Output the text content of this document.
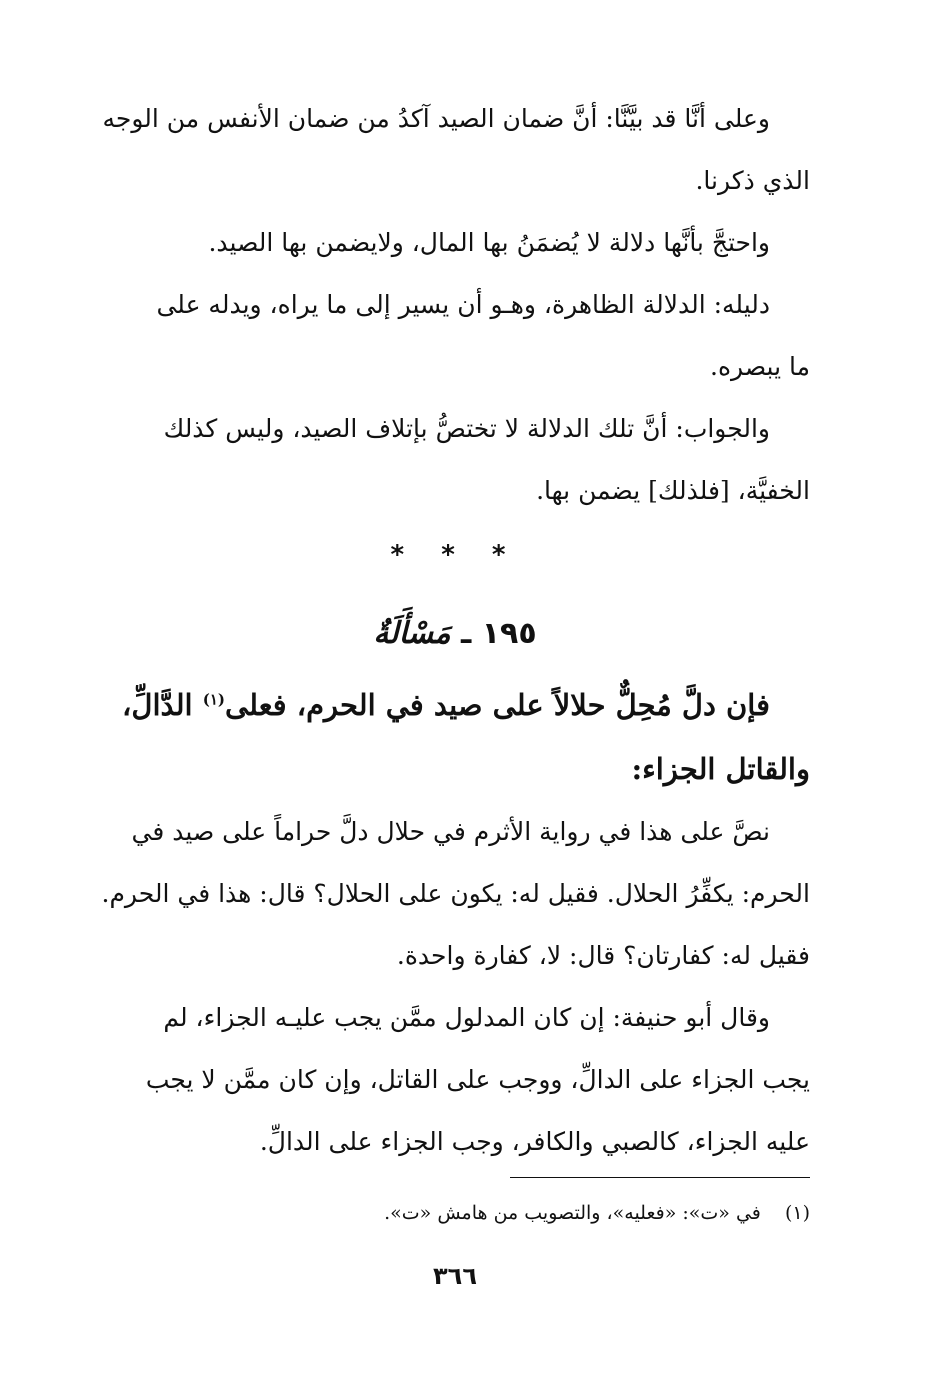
وعلى أنَّا قد بيَّنَّا: أنَّ ضمان الصيد آكدُ من ضمان الأنفس من الوجه
الذي ذكرنا.

واحتجَّ بأنَّها دلالة لا يُضمَنُ بها المال، ولايضمن بها الصيد.

دليله: الدلالة الظاهرة، وهـو أن يسير إلى ما يراه، ويدله على
ما يبصره.

والجواب: أنَّ تلك الدلالة لا تختصُّ بإتلاف الصيد، وليس كذلك
الخفيَّة، [فلذلك] يضمن بها.

* * *
١٩٥ ـ مَسْأَلَةٌ

فإن دلَّ مُحِلٌّ حلالاً على صيد في الحرم، فعلى$^{(١)}$ الدَّالِّ،
والقاتل الجزاء:

نصَّ على هذا في رواية الأثرم في حلال دلَّ حراماً على صيد في
الحرم: يكفِّرُ الحلال. فقيل له: يكون على الحلال؟ قال: هذا في الحرم.
فقيل له: كفارتان؟ قال: لا، كفارة واحدة.

وقال أبو حنيفة: إن كان المدلول ممَّن يجب عليـه الجزاء، لم
يجب الجزاء على الدالِّ، ووجب على القاتل، وإن كان ممَّن لا يجب
عليه الجزاء، كالصبي والكافر، وجب الجزاء على الدالِّ.

(١) في «ت»: «فعليه»، والتصويب من هامش «ت».
٣٦٦
